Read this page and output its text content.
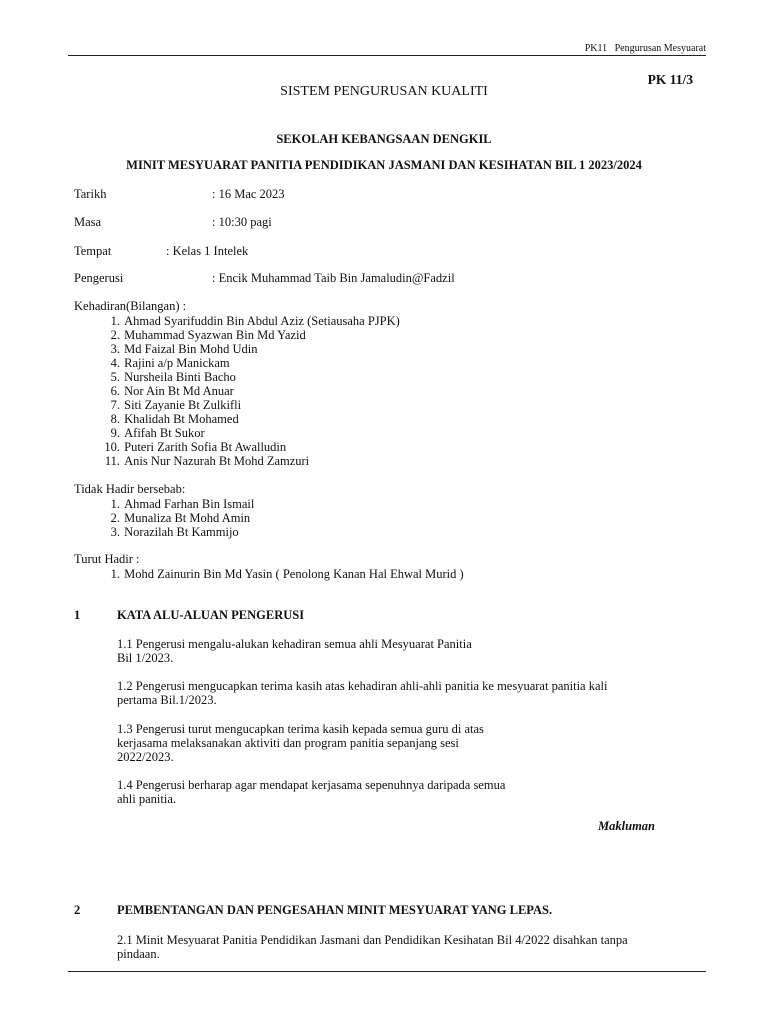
PK11 Pengurusan Mesyuarat
PK 11/3
SISTEM PENGURUSAN KUALITI
SEKOLAH KEBANGSAAN DENGKIL
MINIT MESYUARAT PANITIA PENDIDIKAN JASMANI DAN KESIHATAN BIL 1 2023/2024
Tarikh	: 16 Mac 2023
Masa	: 10:30 pagi
Tempat	: Kelas 1 Intelek
Pengerusi	: Encik Muhammad Taib Bin Jamaludin@Fadzil
Kehadiran(Bilangan) :
1. Ahmad Syarifuddin Bin Abdul Aziz (Setiausaha PJPK)
2. Muhammad Syazwan Bin Md Yazid
3. Md Faizal Bin Mohd Udin
4. Rajini a/p Manickam
5. Nursheila Binti Bacho
6. Nor Ain Bt Md Anuar
7. Siti Zayanie Bt Zulkifli
8. Khalidah Bt Mohamed
9. Afifah Bt Sukor
10. Puteri Zarith Sofia Bt Awalludin
11. Anis Nur Nazurah Bt Mohd Zamzuri
Tidak Hadir bersebab:
1. Ahmad Farhan Bin Ismail
2. Munaliza Bt Mohd Amin
3. Norazilah Bt Kammijo
Turut Hadir :
1. Mohd Zainurin Bin Md Yasin ( Penolong Kanan Hal Ehwal Murid )
1	KATA ALU-ALUAN PENGERUSI
1.1 Pengerusi mengalu-alukan kehadiran semua ahli Mesyuarat Panitia
Bil 1/2023.
1.2 Pengerusi mengucapkan terima kasih atas kehadiran ahli-ahli panitia ke mesyuarat panitia kali
pertama Bil.1/2023.
1.3 Pengerusi turut mengucapkan terima kasih kepada semua guru di atas
kerjasama melaksanakan aktiviti dan program panitia sepanjang sesi
2022/2023.
1.4 Pengerusi berharap agar mendapat kerjasama sepenuhnya daripada semua
ahli panitia.
Makluman
2	PEMBENTANGAN DAN PENGESAHAN MINIT MESYUARAT YANG LEPAS.
2.1 Minit Mesyuarat Panitia Pendidikan Jasmani dan Pendidikan Kesihatan Bil 4/2022 disahkan tanpa
pindaan.
